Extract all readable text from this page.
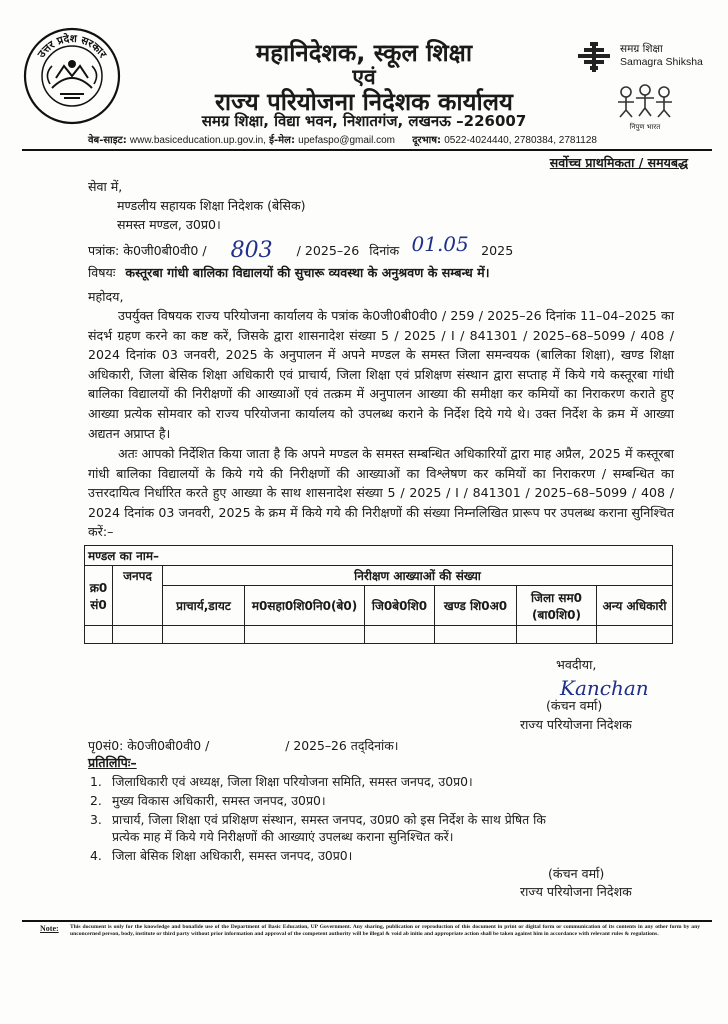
उत्तर प्रदेश सरकार	महानिदेशक, स्कूल शिक्षा
एवं
राज्य परियोजना निदेशक कार्यालय
समग्र शिक्षा, विद्या भवन, निशातगंज, लखनऊ –226007
समग्र शिक्षा
Samagra Shiksha
निपुण भारत
वेब-साइट: www.basiceducation.up.gov.in, ई-मेल: upefaspo@gmail.com दूरभाष: 0522-4024440, 2780384, 2781128
सर्वोच्च प्राथमिकता / समयबद्ध
सेवा में,
मण्डलीय सहायक शिक्षा निदेशक (बेसिक)
समस्त मण्डल, उ0प्र0।
पत्रांक: के0जी0बी0वी0 / 803 / 2025–26 दिनांक 01.05 2025
विषयः कस्तूरबा गांधी बालिका विद्यालयों की सुचारू व्यवस्था के अनुश्रवण के सम्बन्ध में।
महोदय,
उपर्युक्त विषयक राज्य परियोजना कार्यालय के पत्रांक के0जी0बी0वी0 / 259 / 2025–26 दिनांक 11–04–2025 का संदर्भ ग्रहण करने का कष्ट करें, जिसके द्वारा शासनादेश संख्या 5 / 2025 / I / 841301 / 2025–68–5099 / 408 / 2024 दिनांक 03 जनवरी, 2025 के अनुपालन में अपने मण्डल के समस्त जिला समन्वयक (बालिका शिक्षा), खण्ड शिक्षा अधिकारी, जिला बेसिक शिक्षा अधिकारी एवं प्राचार्य, जिला शिक्षा एवं प्रशिक्षण संस्थान द्वारा सप्ताह में किये गये कस्तूरबा गांधी बालिका विद्यालयों की निरीक्षणों की आख्याओं एवं तत्क्रम में अनुपालन आख्या की समीक्षा कर कमियों का निराकरण कराते हुए आख्या प्रत्येक सोमवार को राज्य परियोजना कार्यालय को उपलब्ध कराने के निर्देश दिये गये थे। उक्त निर्देश के क्रम में आख्या अद्यतन अप्राप्त है।
अतः आपको निर्देशित किया जाता है कि अपने मण्डल के समस्त सम्बन्धित अधिकारियों द्वारा माह अप्रैल, 2025 में कस्तूरबा गांधी बालिका विद्यालयों के किये गये की निरीक्षणों की आख्याओं का विश्लेषण कर कमियों का निराकरण / सम्बन्धित का उत्तरदायित्व निर्धारित करते हुए आख्या के साथ शासनादेश संख्या 5 / 2025 / I / 841301 / 2025–68–5099 / 408 / 2024 दिनांक 03 जनवरी, 2025 के क्रम में किये गये की निरीक्षणों की संख्या निम्नलिखित प्रारूप पर उपलब्ध कराना सुनिश्चित करें:–
मण्डल का नाम–							
क्र0 सं0	जनपद	निरीक्षण आख्याओं की संख्या					
		प्राचार्य,डायट	म0सहा0शि0नि0(बे0)	जि0बे0शि0	खण्ड शि0अ0	जिला सम0 (बा0शि0)	अन्य अधिकारी

भवदीया,
Kanchan
(कंचन वर्मा)
राज्य परियोजना निदेशक
पृ0सं0: के0जी0बी0वी0 /	/ 2025–26 तद्‌दिनांक।
प्रतिलिपिः–
1. जिलाधिकारी एवं अध्यक्ष, जिला शिक्षा परियोजना समिति, समस्त जनपद, उ0प्र0।
2. मुख्य विकास अधिकारी, समस्त जनपद, उ0प्र0।
3. प्राचार्य, जिला शिक्षा एवं प्रशिक्षण संस्थान, समस्त जनपद, उ0प्र0 को इस निर्देश के साथ प्रेषित कि
प्रत्येक माह में किये गये निरीक्षणों की आख्याएं उपलब्ध कराना सुनिश्चित करें।
4. जिला बेसिक शिक्षा अधिकारी, समस्त जनपद, उ0प्र0।
(कंचन वर्मा)
राज्य परियोजना निदेशक
Note: This document is only for the knowledge and bonafide use of the Department of Basic Education, UP Government. Any sharing, publication or reproduction of this document in print or digital form or communication of its contents in any other form by any unconcerned person, body, institute or third party without prior information and approval of the competent authority will be illegal & void ab initio and appropriate action shall be taken against him in accordance with relevant rules & regulations.
